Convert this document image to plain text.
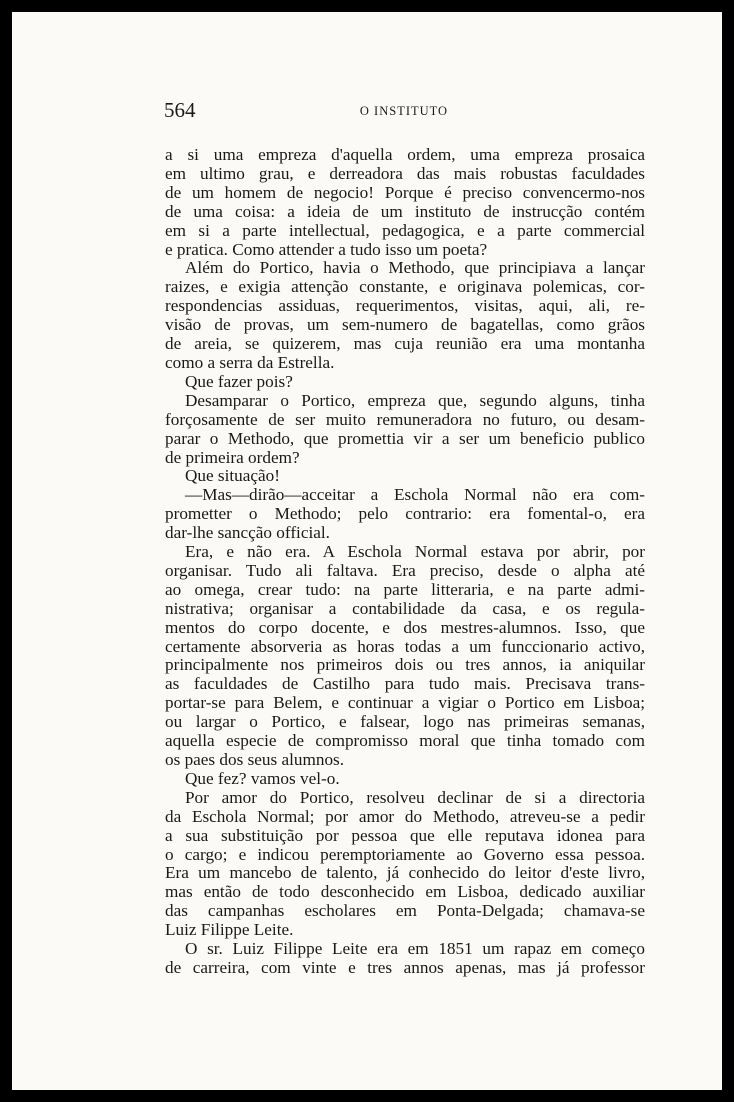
564	O INSTITUTO
a si uma empreza d'aquella ordem, uma empreza prosaica
em ultimo grau, e derreadora das mais robustas faculdades
de um homem de negocio! Porque é preciso convencermo-nos
de uma coisa: a ideia de um instituto de instrucção contém
em si a parte intellectual, pedagogica, e a parte commercial
e pratica. Como attender a tudo isso um poeta?
Além do Portico, havia o Methodo, que principiava a lançar
raizes, e exigia attenção constante, e originava polemicas, cor-
respondencias assiduas, requerimentos, visitas, aqui, ali, re-
visão de provas, um sem-numero de bagatellas, como grãos
de areia, se quizerem, mas cuja reunião era uma montanha
como a serra da Estrella.
Que fazer pois?
Desamparar o Portico, empreza que, segundo alguns, tinha
forçosamente de ser muito remuneradora no futuro, ou desam-
parar o Methodo, que promettia vir a ser um beneficio publico
de primeira ordem?
Que situação!
—Mas—dirão—acceitar a Eschola Normal não era com-
prometter o Methodo; pelo contrario: era fomental-o, era
dar-lhe sancção official.
Era, e não era. A Eschola Normal estava por abrir, por
organisar. Tudo ali faltava. Era preciso, desde o alpha até
ao omega, crear tudo: na parte litteraria, e na parte admi-
nistrativa; organisar a contabilidade da casa, e os regula-
mentos do corpo docente, e dos mestres-alumnos. Isso, que
certamente absorveria as horas todas a um funccionario activo,
principalmente nos primeiros dois ou tres annos, ia aniquilar
as faculdades de Castilho para tudo mais. Precisava trans-
portar-se para Belem, e continuar a vigiar o Portico em Lisboa;
ou largar o Portico, e falsear, logo nas primeiras semanas,
aquella especie de compromisso moral que tinha tomado com
os paes dos seus alumnos.
Que fez? vamos vel-o.
Por amor do Portico, resolveu declinar de si a directoria
da Eschola Normal; por amor do Methodo, atreveu-se a pedir
a sua substituição por pessoa que elle reputava idonea para
o cargo; e indicou peremptoriamente ao Governo essa pessoa.
Era um mancebo de talento, já conhecido do leitor d'este livro,
mas então de todo desconhecido em Lisboa, dedicado auxiliar
das campanhas escholares em Ponta-Delgada; chamava-se
Luiz Filippe Leite.
O sr. Luiz Filippe Leite era em 1851 um rapaz em começo
de carreira, com vinte e tres annos apenas, mas já professor
